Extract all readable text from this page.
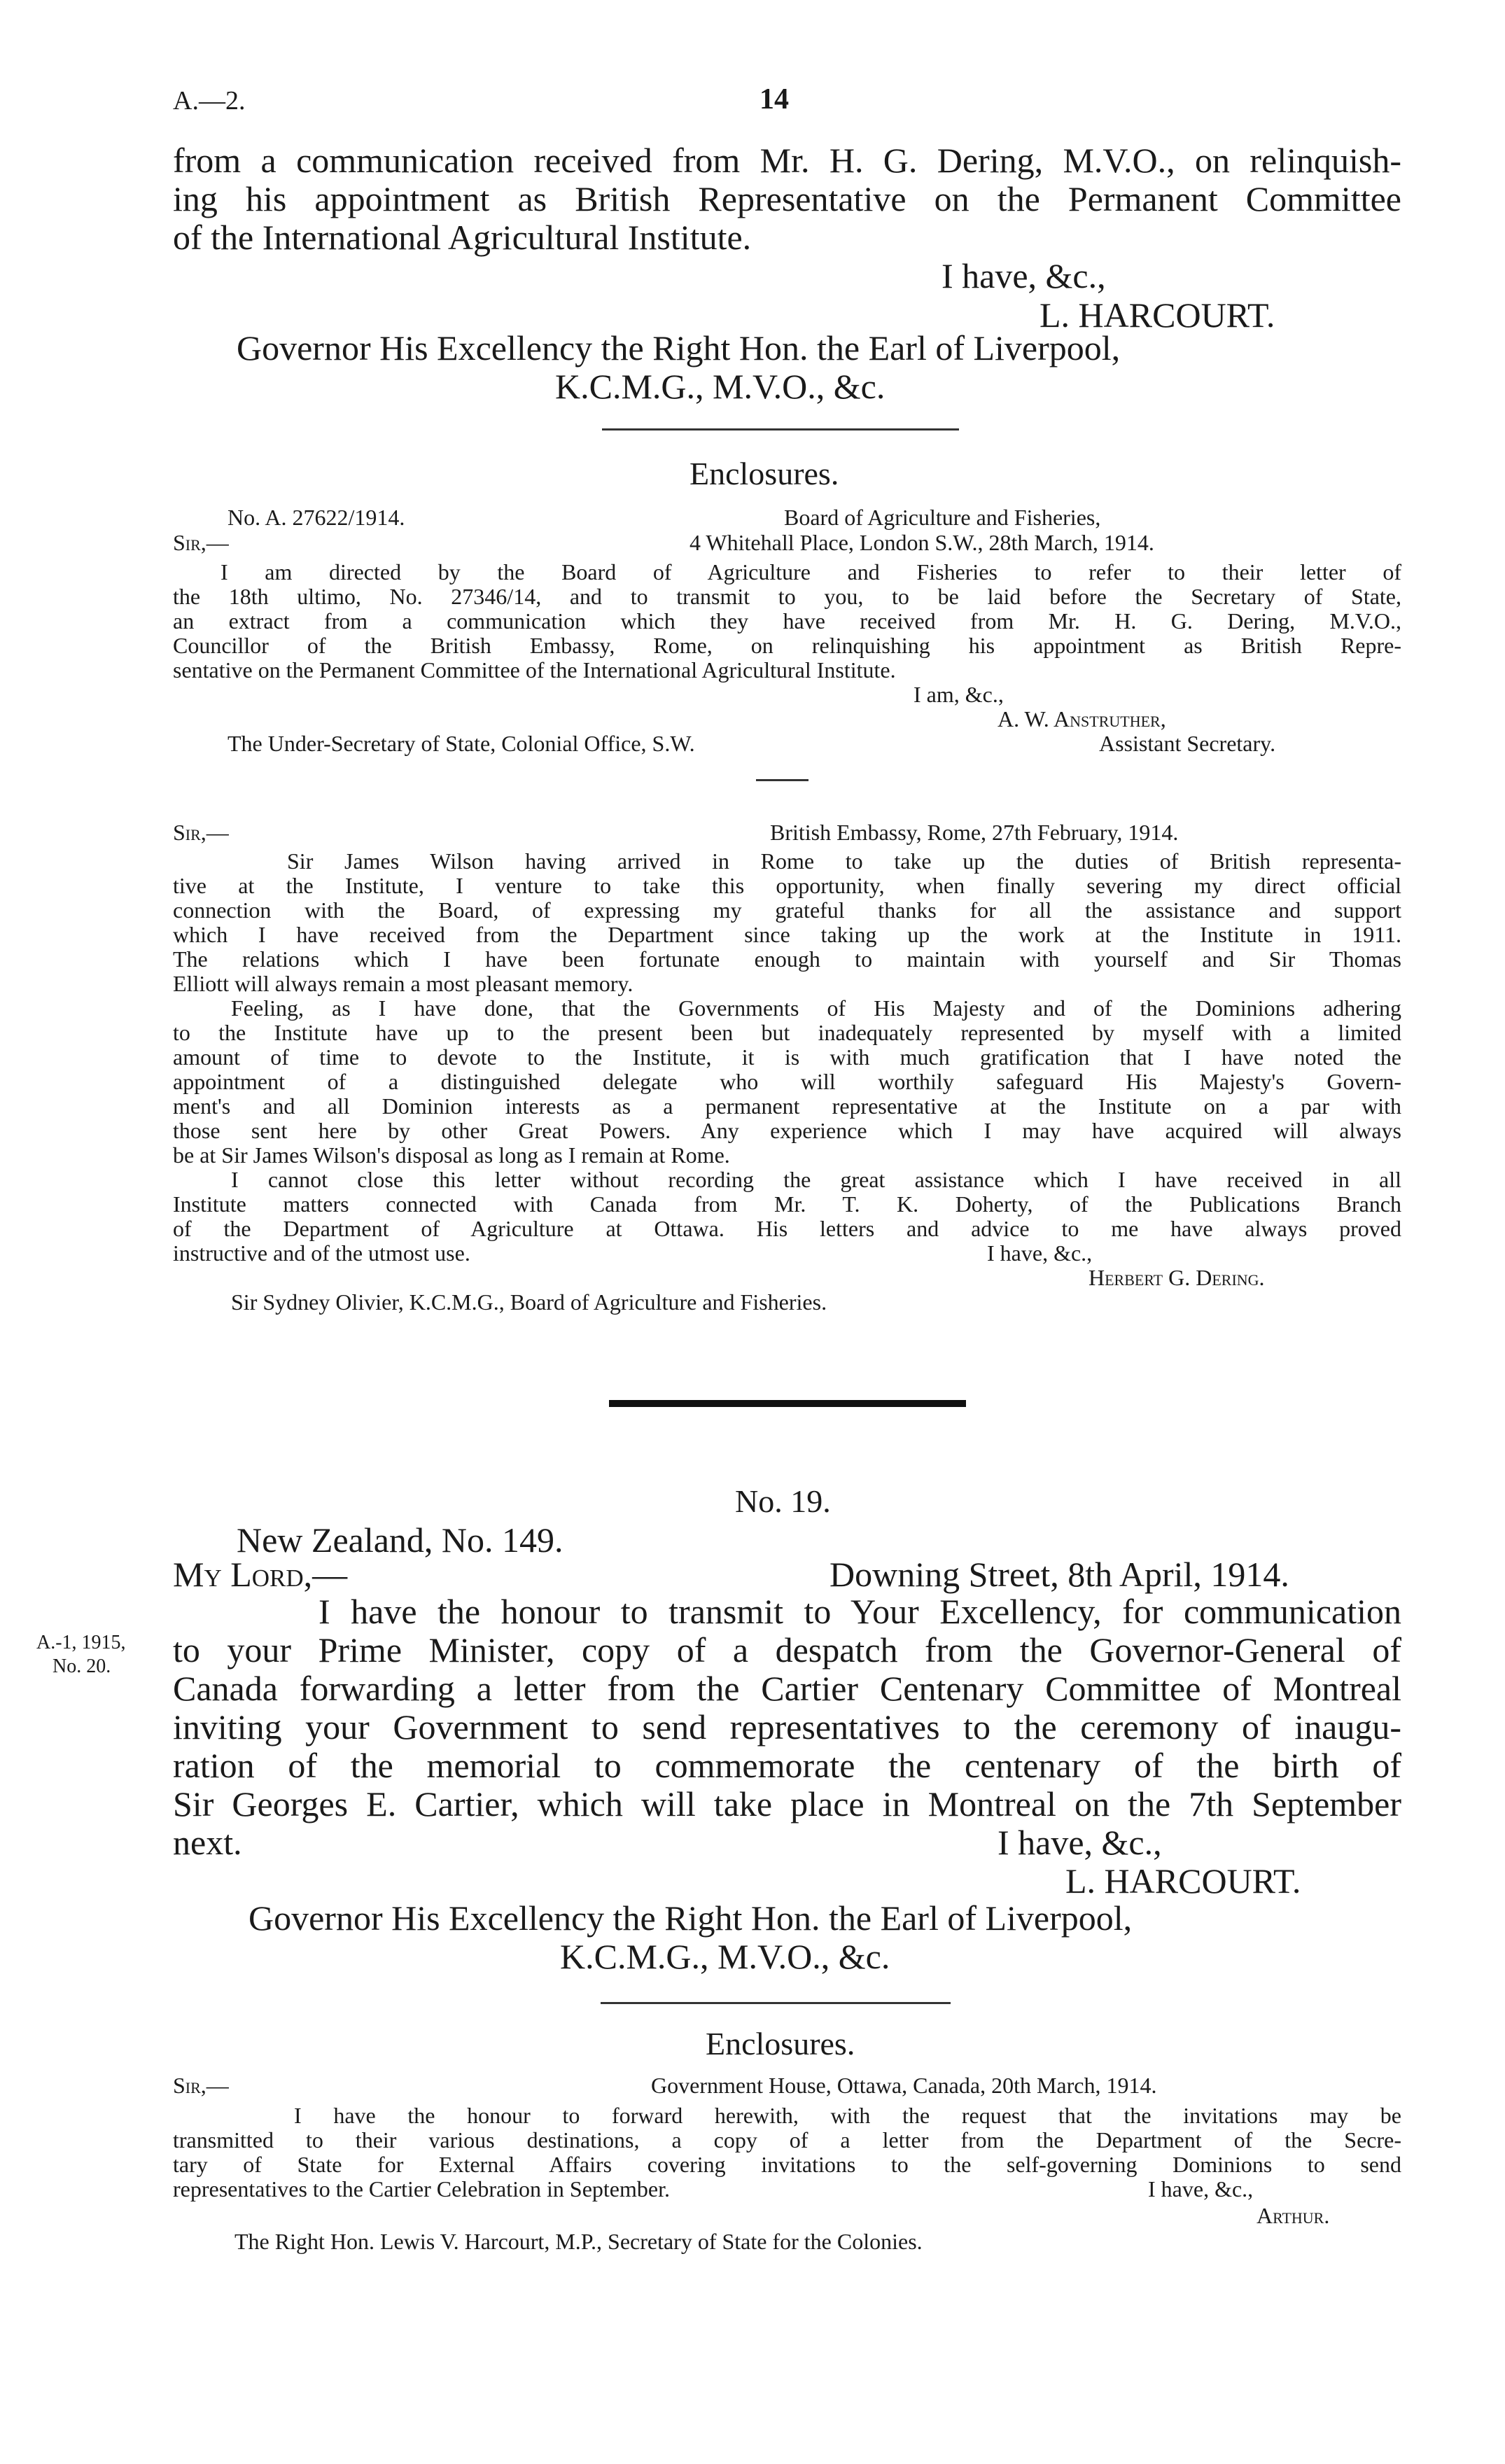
A.—2.	14
from a communication received from Mr. H. G. Dering, M.V.O., on relinquish-
ing his appointment as British Representative on the Permanent Committee
of the International Agricultural Institute.
I have, &c.,
L. HARCOURT.
Governor His Excellency the Right Hon. the Earl of Liverpool,
K.C.M.G., M.V.O., &c.
Enclosures.
No. A. 27622/1914.	Board of Agriculture and Fisheries,
Sir,—	4 Whitehall Place, London S.W., 28th March, 1914.
I am directed by the Board of Agriculture and Fisheries to refer to their letter of
the 18th ultimo, No. 27346/14, and to transmit to you, to be laid before the Secretary of State,
an extract from a communication which they have received from Mr. H. G. Dering, M.V.O.,
Councillor of the British Embassy, Rome, on relinquishing his appointment as British Repre-
sentative on the Permanent Committee of the International Agricultural Institute.
I am, &c.,
A. W. Anstruther,
The Under-Secretary of State, Colonial Office, S.W.	Assistant Secretary.
Sir,—	British Embassy, Rome, 27th February, 1914.
Sir James Wilson having arrived in Rome to take up the duties of British representa-
tive at the Institute, I venture to take this opportunity, when finally severing my direct official
connection with the Board, of expressing my grateful thanks for all the assistance and support
which I have received from the Department since taking up the work at the Institute in 1911.
The relations which I have been fortunate enough to maintain with yourself and Sir Thomas
Elliott will always remain a most pleasant memory.
Feeling, as I have done, that the Governments of His Majesty and of the Dominions adhering
to the Institute have up to the present been but inadequately represented by myself with a limited
amount of time to devote to the Institute, it is with much gratification that I have noted the
appointment of a distinguished delegate who will worthily safeguard His Majesty's Govern-
ment's and all Dominion interests as a permanent representative at the Institute on a par with
those sent here by other Great Powers. Any experience which I may have acquired will always
be at Sir James Wilson's disposal as long as I remain at Rome.
I cannot close this letter without recording the great assistance which I have received in all
Institute matters connected with Canada from Mr. T. K. Doherty, of the Publications Branch
of the Department of Agriculture at Ottawa. His letters and advice to me have always proved
instructive and of the utmost use.	I have, &c.,
Herbert G. Dering.
Sir Sydney Olivier, K.C.M.G., Board of Agriculture and Fisheries.
No. 19.
New Zealand, No. 149.
My Lord,—	Downing Street, 8th April, 1914.
A.-1, 1915,
No. 20.
I have the honour to transmit to Your Excellency, for communication
to your Prime Minister, copy of a despatch from the Governor-General of
Canada forwarding a letter from the Cartier Centenary Committee of Montreal
inviting your Government to send representatives to the ceremony of inaugu-
ration of the memorial to commemorate the centenary of the birth of
Sir Georges E. Cartier, which will take place in Montreal on the 7th September
next.	I have, &c.,
L. HARCOURT.
Governor His Excellency the Right Hon. the Earl of Liverpool,
K.C.M.G., M.V.O., &c.
Enclosures.
Sir,—	Government House, Ottawa, Canada, 20th March, 1914.
I have the honour to forward herewith, with the request that the invitations may be
transmitted to their various destinations, a copy of a letter from the Department of the Secre-
tary of State for External Affairs covering invitations to the self-governing Dominions to send
representatives to the Cartier Celebration in September.	I have, &c.,
Arthur.
The Right Hon. Lewis V. Harcourt, M.P., Secretary of State for the Colonies.
